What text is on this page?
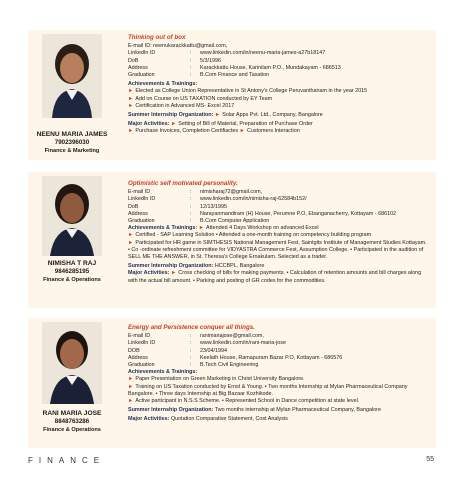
NEENU MARIA JAMES
7902396030
Finance & Marketing
Thinking out of box
E-mail ID: neenukarackkattu@gmail.com,
LinkedIn ID	:	www.linkedin.com/in/neenu-maria-james-a27b18147
DoB	:	5/3/1996
Address	:	Karackkattu House, Karinilam P.O., Mundakayam - 686513
Graduation	:	B.Com Finance and Taxation
Achievements & Trainings:
► Elected as College Union Representative in St Antony's College Peruvanthanam in the year 2015
► Add on Course on US TAXATION conducted by EY Team
► Certification in Advanced MS- Excel 2017
Summer Internship Organization: ► Solar Apps Pvt. Ltd., Company, Bangalore
Major Activities: ► Setting of Bill of Material, Preparation of Purchase Order
► Purchase Invoices, Completion Certifiactes ► Customers Interaction
NIMISHA T RAJ
9846285195
Finance & Operations
Optimistic self motivated personality.
E-mail ID	:	nimisharaj72@gmail.com,
LinkedIn ID	:	www.linkedin.com/in/nimisha-raj-62584b152/
DoB	:	12/13/1995
Address	:	Narayanmandiram (H) House, Perumne P.O, Ebanganacherry, Kottayam - 686102
Graduation	:	B.Com Computer Application
Achievements & Trainings: ► Attended 4 Days Workshop on advanced Excel
► Certified - SAP Learning Solution • Attended a one-month training on competency building program
► Participated for HR game in SIMTHESIS National Management Fest, Saintgits Institute of Management Studies Kottayam. • Co -ordinate refreshment committee for VIDYASTRA Commerce Fest, Assumption College. • Participated in the audition of SELL ME THE ANSWER, in St. Theresa's College Ernakulam. Selected as a trader.
Summer Internship Organization: HCCBPL, Bangalore
Major Activities: ► Cross checking of bills for making payments. • Calculation of retention amounts and bill charges along with the actual bill amount. • Parking and posting of GR codes for the commodities.
RANI MARIA JOSE
8848763286
Finance & Operations
Energy and Persistence conquer all things.
E-mail ID	:	ranimariajose@gmail.com,
LinkedIn ID	:	www.linkedin.com/in/rani-maria-jose
DOB	:	23/04/1994
Address	:	Keelath House, Ramapuram Bazar P.O, Kottayam - 686576
Graduation	:	B.Tech Civil Engineering
Achievements & Trainings:
► Paper Presentation on Green Marketing in Christ University Bangalore.
► Training on US Taxation conducted by Ernst & Young. • Two months Internship at Mylan Pharmaceutical Company Bangalore. • Three days Internship at Big Bazaar Kozhikode.
► Active participant in N.S.S Scheme. • Represented School in Dance competition at state level.
Summer Internship Organization: Two months internship at Mylan Pharmaceutical Company, Bangalore
Major Activities: Quotation Comparative Statement, Cost Analysis
FINANCE	55
